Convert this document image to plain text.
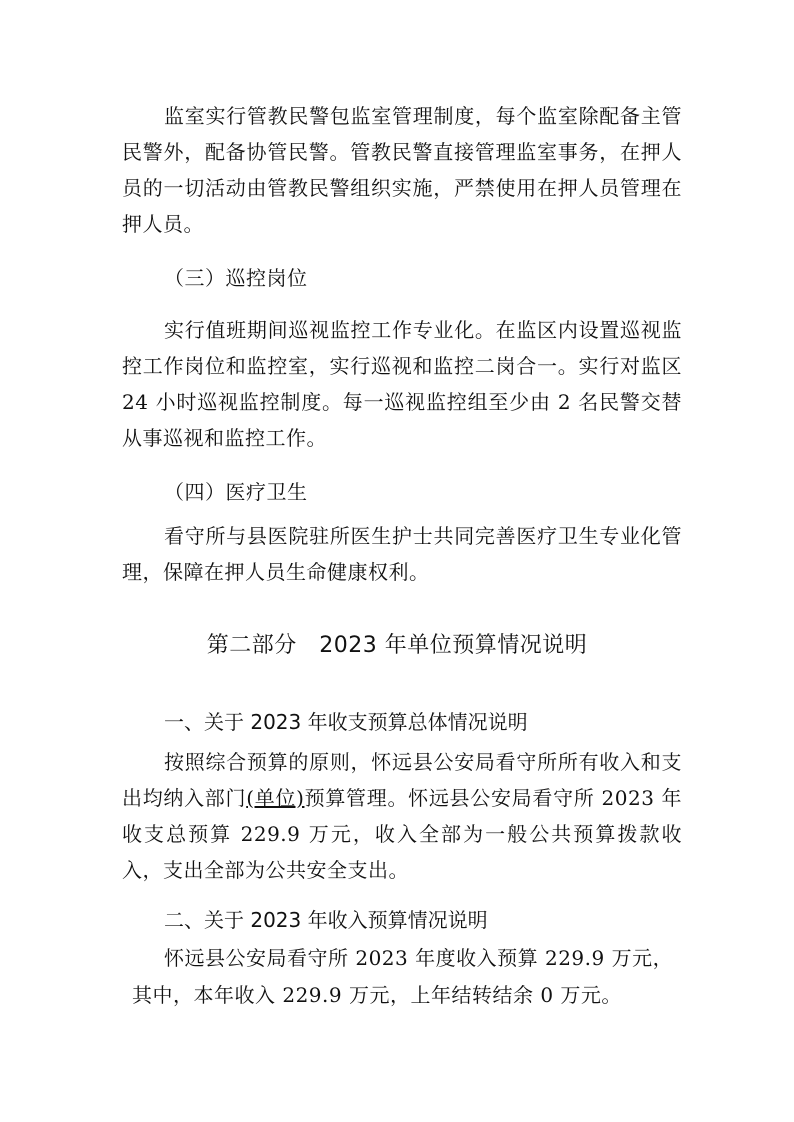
监室实行管教民警包监室管理制度，每个监室除配备主管民警外，配备协管民警。管教民警直接管理监室事务，在押人员的一切活动由管教民警组织实施，严禁使用在押人员管理在押人员。

（三）巡控岗位

实行值班期间巡视监控工作专业化。在监区内设置巡视监控工作岗位和监控室，实行巡视和监控二岗合一。实行对监区 24 小时巡视监控制度。每一巡视监控组至少由 2 名民警交替从事巡视和监控工作。

（四）医疗卫生

看守所与县医院驻所医生护士共同完善医疗卫生专业化管理，保障在押人员生命健康权利。

第二部分　2023 年单位预算情况说明

一、关于 2023 年收支预算总体情况说明

按照综合预算的原则，怀远县公安局看守所所有收入和支出均纳入部门(单位)预算管理。怀远县公安局看守所 2023 年收支总预算 229.9 万元，收入全部为一般公共预算拨款收入，支出全部为公共安全支出。

二、关于 2023 年收入预算情况说明

怀远县公安局看守所 2023 年度收入预算 229.9 万元，

其中，本年收入 229.9 万元，上年结转结余 0 万元。
